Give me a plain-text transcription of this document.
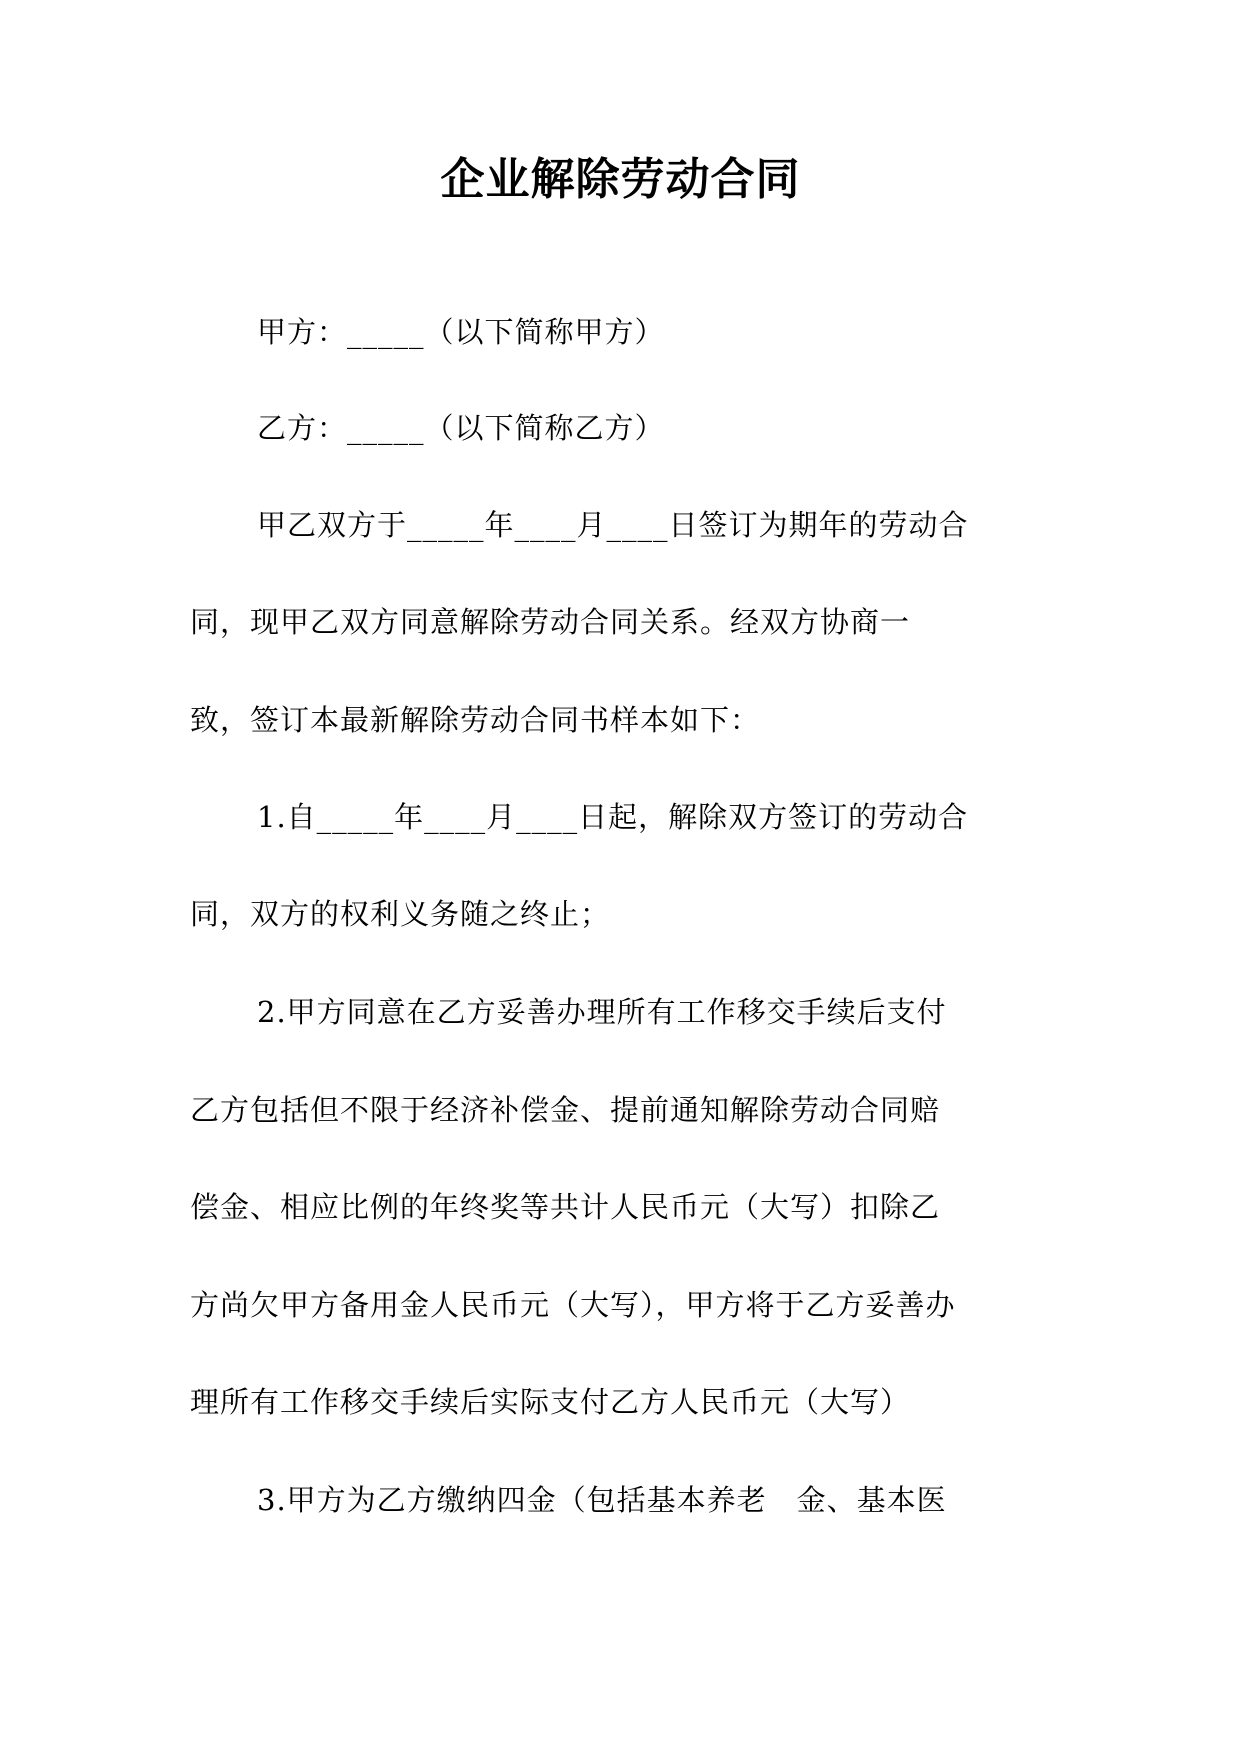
企业解除劳动合同
甲方：_____（以下简称甲方）
乙方：_____（以下简称乙方）
甲乙双方于_____年____月____日签订为期年的劳动合
同，现甲乙双方同意解除劳动合同关系。经双方协商一
致，签订本最新解除劳动合同书样本如下：
1.自_____年____月____日起，解除双方签订的劳动合
同，双方的权利义务随之终止；
2.甲方同意在乙方妥善办理所有工作移交手续后支付
乙方包括但不限于经济补偿金、提前通知解除劳动合同赔
偿金、相应比例的年终奖等共计人民币元（大写）扣除乙
方尚欠甲方备用金人民币元（大写），甲方将于乙方妥善办
理所有工作移交手续后实际支付乙方人民币元（大写）
3.甲方为乙方缴纳四金（包括基本养老　金、基本医
